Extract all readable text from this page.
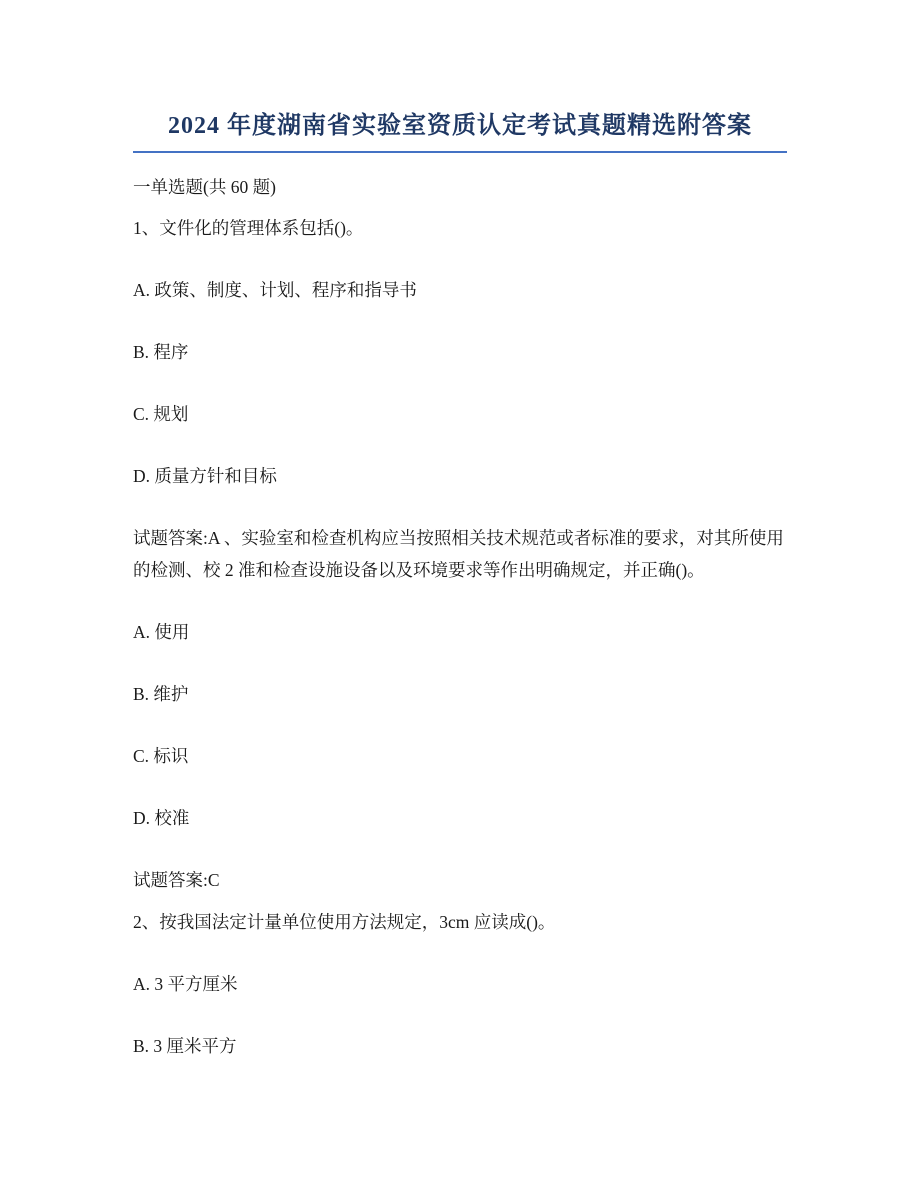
2024 年度湖南省实验室资质认定考试真题精选附答案

一单选题(共 60 题)

1、文件化的管理体系包括()。

A. 政策、制度、计划、程序和指导书

B. 程序

C. 规划

D. 质量方针和目标

试题答案:A 、实验室和检查机构应当按照相关技术规范或者标准的要求，对其所使用的检测、校 2 准和检查设施设备以及环境要求等作出明确规定，并正确()。

A. 使用

B. 维护

C. 标识

D. 校准

试题答案:C

2、按我国法定计量单位使用方法规定，3cm 应读成()。

A. 3 平方厘米

B. 3 厘米平方
